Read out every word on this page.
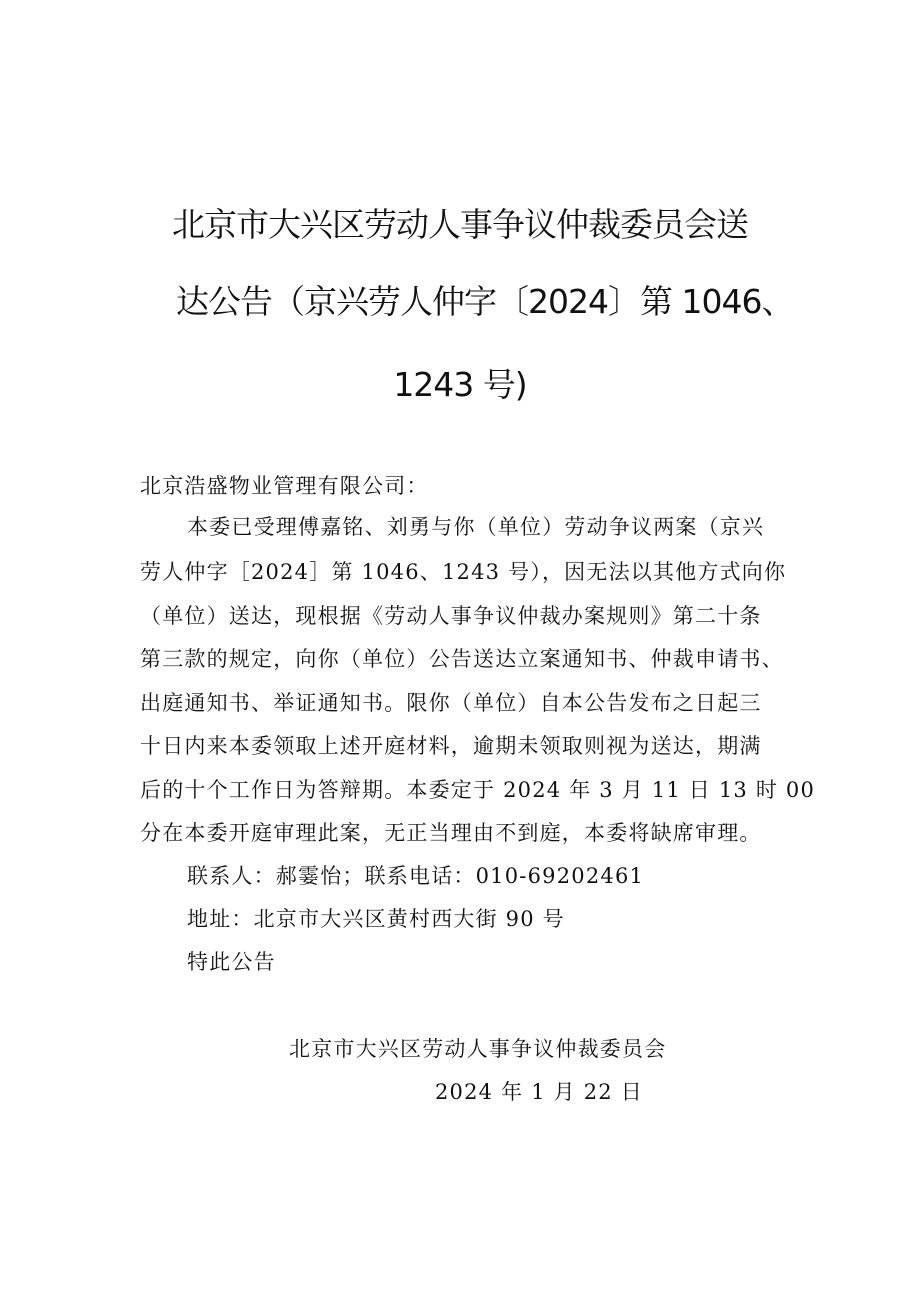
北京市大兴区劳动人事争议仲裁委员会送
达公告（京兴劳人仲字〔2024〕第 1046、
1243 号)
北京浩盛物业管理有限公司：
本委已受理傅嘉铭、刘勇与你（单位）劳动争议两案（京兴
劳人仲字［2024］第 1046、1243 号），因无法以其他方式向你
（单位）送达，现根据《劳动人事争议仲裁办案规则》第二十条
第三款的规定，向你（单位）公告送达立案通知书、仲裁申请书、
出庭通知书、举证通知书。限你（单位）自本公告发布之日起三
十日内来本委领取上述开庭材料，逾期未领取则视为送达，期满
后的十个工作日为答辩期。本委定于 2024 年 3 月 11 日 13 时 00
分在本委开庭审理此案，无正当理由不到庭，本委将缺席审理。
联系人：郝霎怡；联系电话：010-69202461
地址：北京市大兴区黄村西大街 90 号
特此公告
北京市大兴区劳动人事争议仲裁委员会
2024 年 1 月 22 日
